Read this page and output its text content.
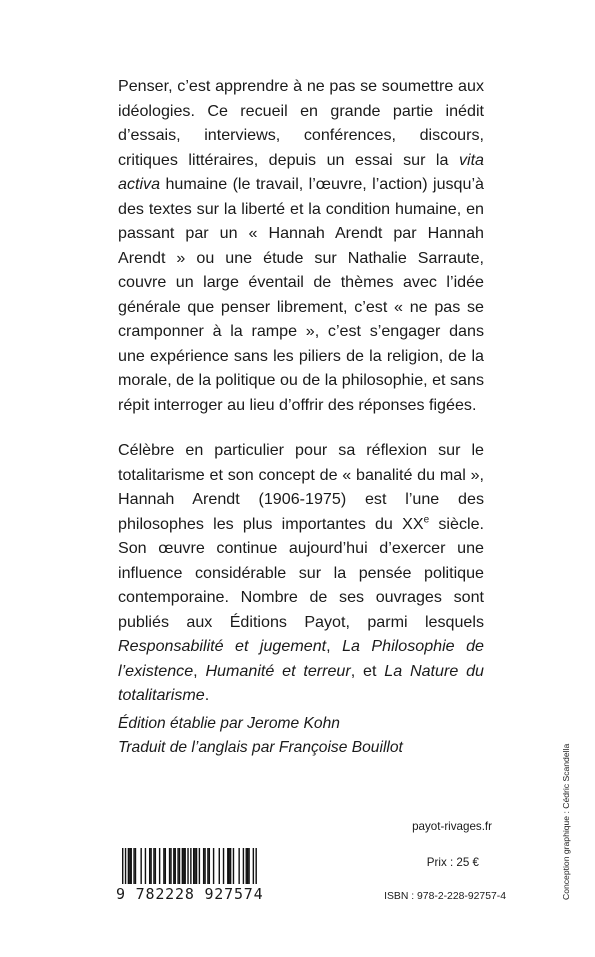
Penser, c’est apprendre à ne pas se soumettre aux idéologies. Ce recueil en grande partie inédit d’essais, interviews, conférences, discours, critiques littéraires, depuis un essai sur la vita activa humaine (le travail, l’œuvre, l’action) jusqu’à des textes sur la liberté et la condition humaine, en passant par un « Hannah Arendt par Hannah Arendt » ou une étude sur Nathalie Sarraute, couvre un large éventail de thèmes avec l’idée générale que penser librement, c’est « ne pas se cramponner à la rampe », c’est s’engager dans une expérience sans les piliers de la religion, de la morale, de la politique ou de la philosophie, et sans répit interroger au lieu d’offrir des réponses figées.

Célèbre en particulier pour sa réflexion sur le totalitarisme et son concept de « banalité du mal », Hannah Arendt (1906-1975) est l’une des philosophes les plus importantes du XXe siècle. Son œuvre continue aujourd’hui d’exercer une influence considérable sur la pensée politique contemporaine. Nombre de ses ouvrages sont publiés aux Éditions Payot, parmi lesquels Responsabilité et jugement, La Philosophie de l’existence, Humanité et terreur, et La Nature du totalitarisme.

Édition établie par Jerome Kohn
Traduit de l’anglais par Françoise Bouillot	Conception graphique : Cédric Scandella
payot-rivages.fr
Prix : 25 €
ISBN : 978-2-228-92757-4
9 782228 927574
